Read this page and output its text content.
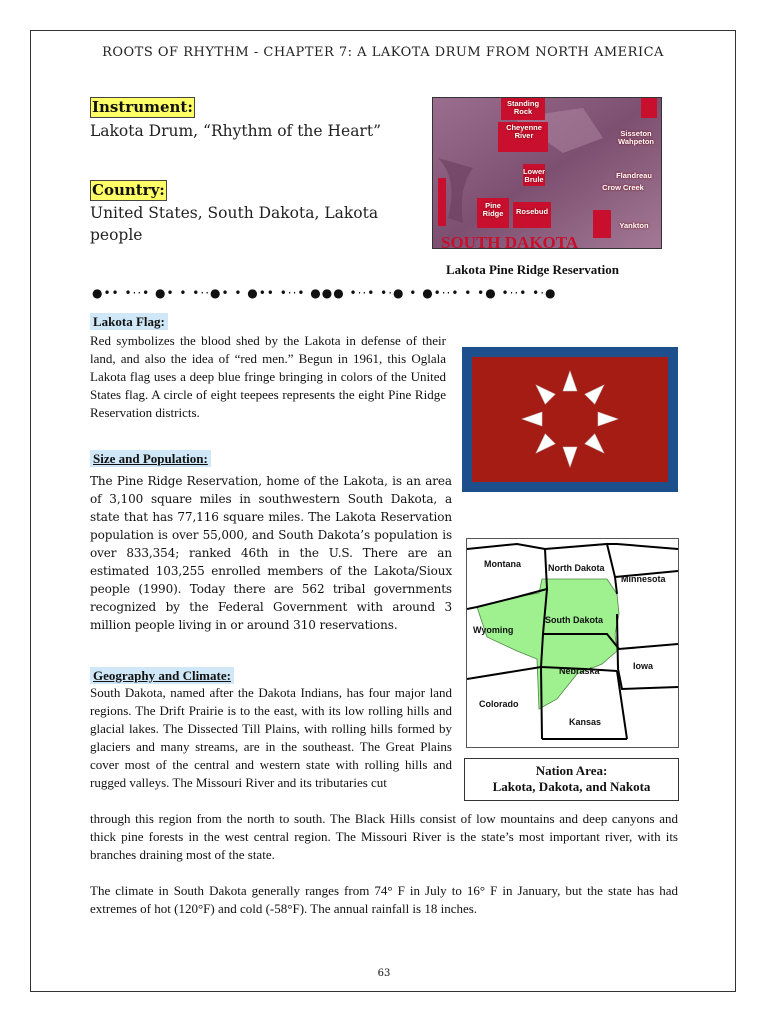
ROOTS OF RHYTHM - CHAPTER 7: A LAKOTA DRUM FROM NORTH AMERICA
Instrument:
Lakota Drum, “Rhythm of the Heart”
Country:
United States, South Dakota, Lakota
people
Standing Rock
Cheyenne River	Sisseton Wahpeton
Lower Brule
Crow Creek
Flandreau
Pine Ridge	Rosebud
Yankton
SOUTH DAKOTA
Lakota Pine Ridge Reservation
●•• •··• ●• • •··●• • ●•• •··• ●●● •··• •·● • ●•··• • •● •··• •·●
Lakota Flag:
Red symbolizes the blood shed by the Lakota in defense of their land, and also the idea of “red men.” Begun in 1961, this Oglala Lakota flag uses a deep blue fringe bringing in colors of the United States flag. A circle of eight teepees represents the eight Pine Ridge Reservation districts.
Size and Population:
The Pine Ridge Reservation, home of the Lakota, is an area of 3,100 square miles in southwestern South Dakota, a state that has 77,116 square miles. The Lakota Reservation population is over 55,000, and South Dakota’s population is over 833,354; ranked 46th in the U.S. There are an estimated 103,255 enrolled members of the Lakota/Sioux people (1990). Today there are 562 tribal governments recognized by the Federal Government with around 3 million people living in or around 310 reservations.
Montana	North Dakota
Minnesota
Wyoming
South Dakota
Iowa
Nebraska
Colorado
Kansas
Nation Area:
Lakota, Dakota, and Nakota
Geography and Climate:
South Dakota, named after the Dakota Indians, has four major land regions. The Drift Prairie is to the east, with its low rolling hills and glacial lakes. The Dissected Till Plains, with rolling hills formed by glaciers and many streams, are in the southeast. The Great Plains cover most of the central and western state with rolling hills and rugged valleys. The Missouri River and its tributaries cut
through this region from the north to south. The Black Hills consist of low mountains and deep canyons and thick pine forests in the west central region. The Missouri River is the state’s most important river, with its branches draining most of the state.
The climate in South Dakota generally ranges from 74° F in July to 16° F in January, but the state has had extremes of hot (120°F) and cold (-58°F). The annual rainfall is 18 inches.
63
